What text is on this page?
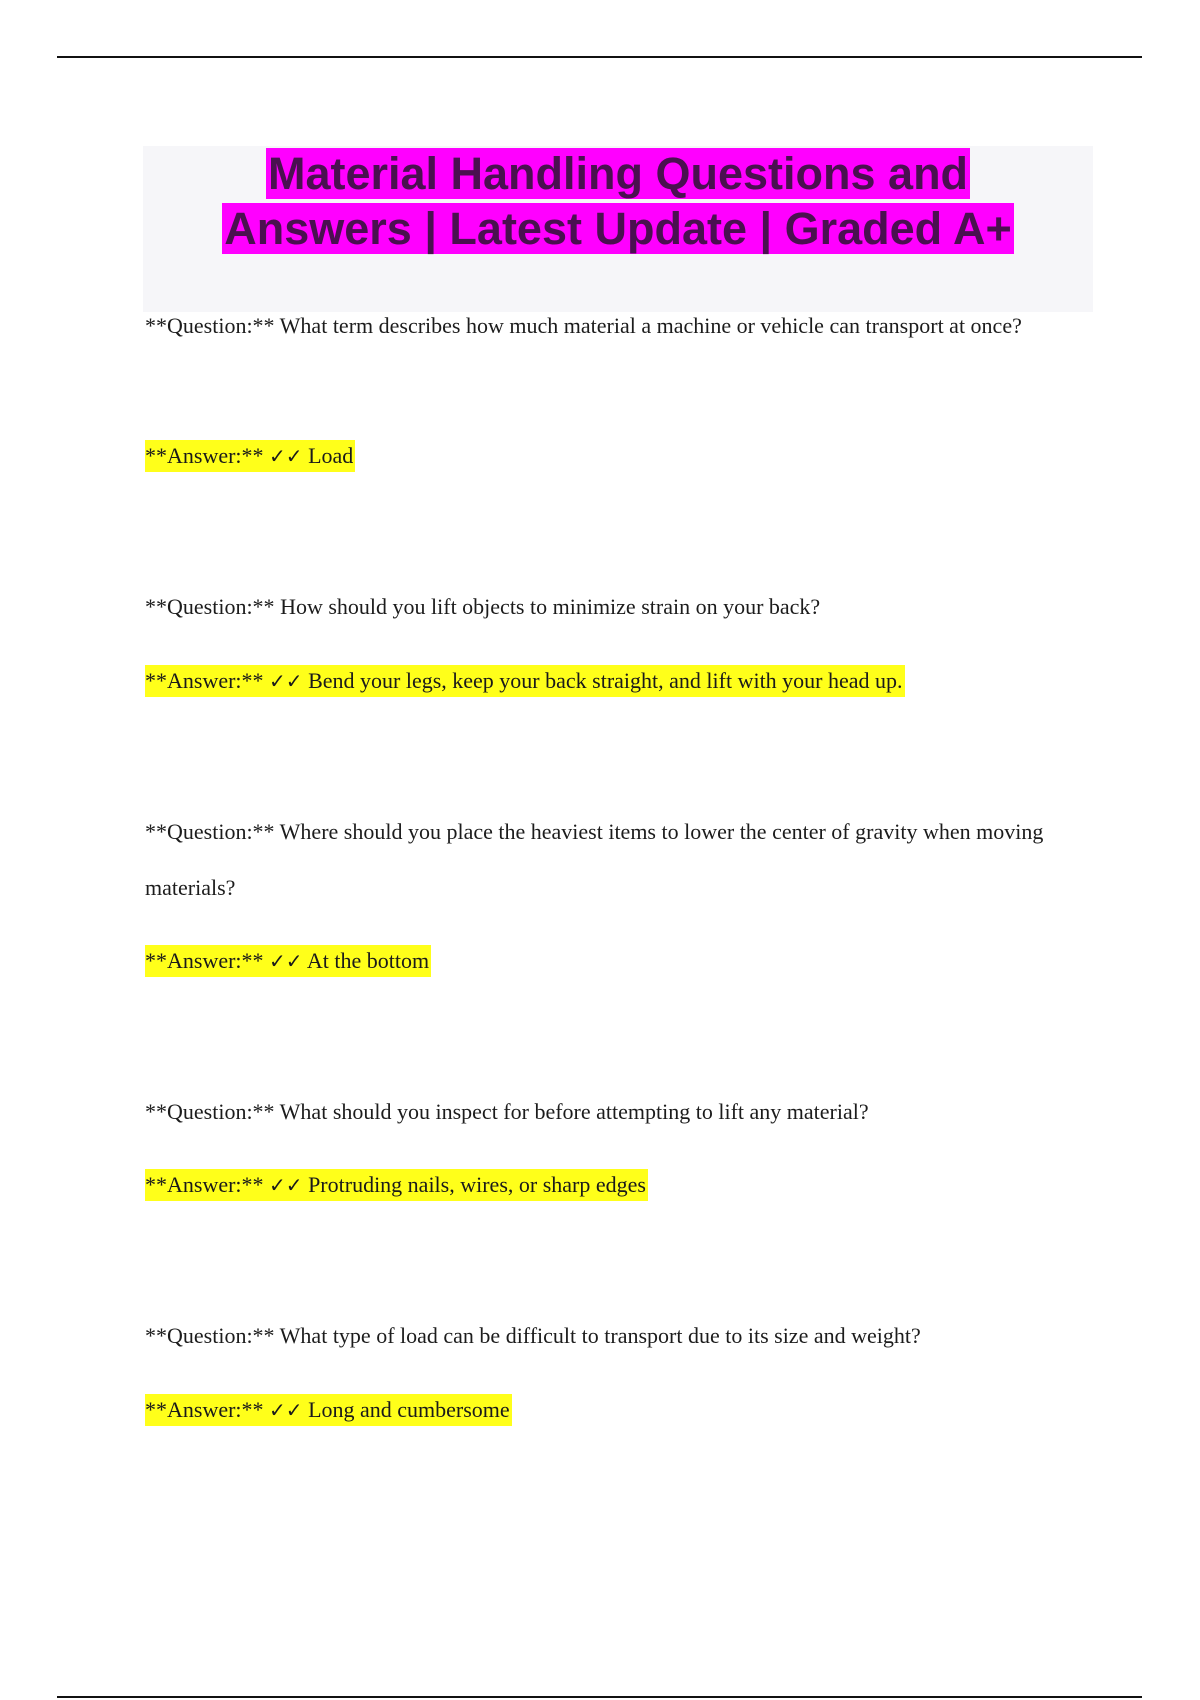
Material Handling Questions and
Answers | Latest Update | Graded A+
**Question:** What term describes how much material a machine or vehicle can transport at once?
**Answer:** ✓✓ Load
**Question:** How should you lift objects to minimize strain on your back?
**Answer:** ✓✓ Bend your legs, keep your back straight, and lift with your head up.
**Question:** Where should you place the heaviest items to lower the center of gravity when moving materials?
**Answer:** ✓✓ At the bottom
**Question:** What should you inspect for before attempting to lift any material?
**Answer:** ✓✓ Protruding nails, wires, or sharp edges
**Question:** What type of load can be difficult to transport due to its size and weight?
**Answer:** ✓✓ Long and cumbersome
